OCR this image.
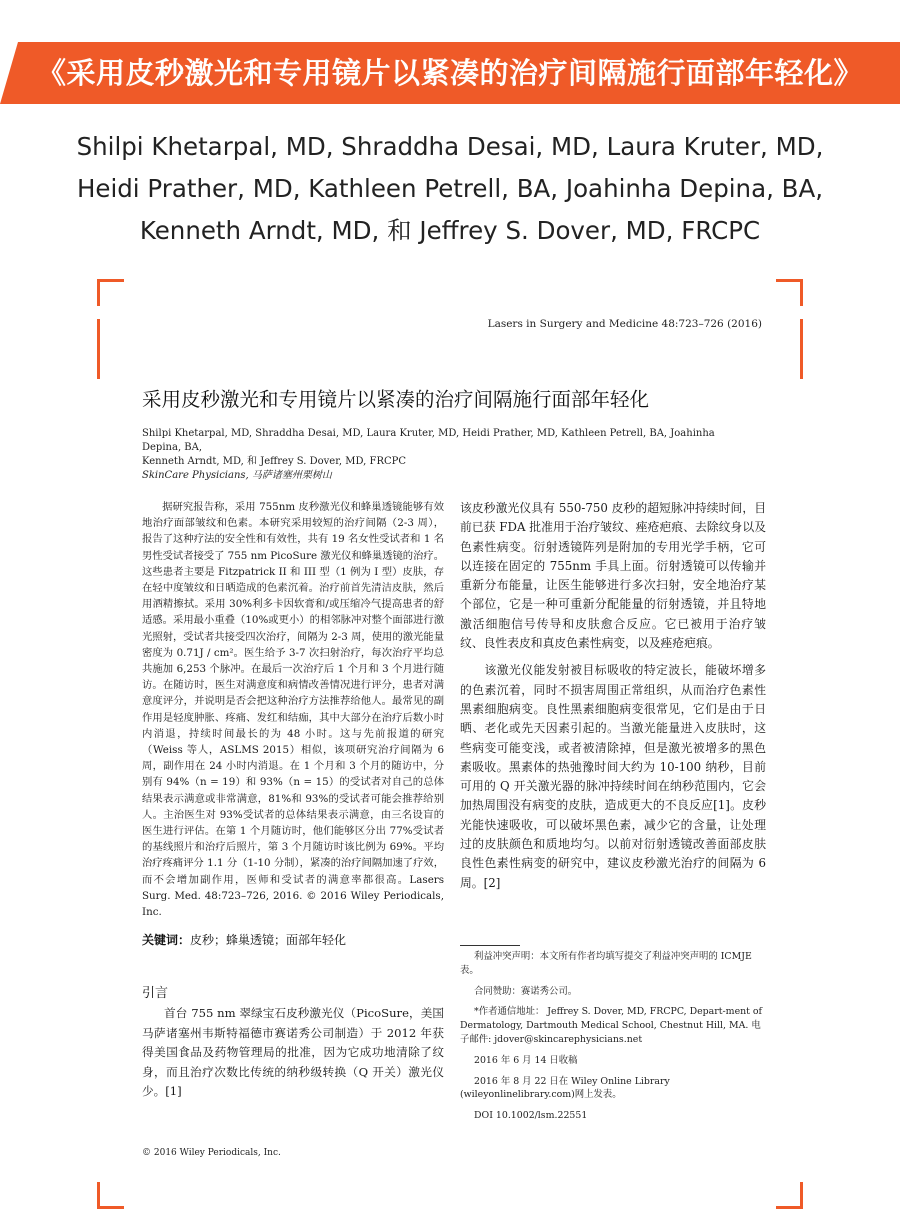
《采用皮秒激光和专用镜片以紧凑的治疗间隔施行面部年轻化》
Shilpi Khetarpal, MD, Shraddha Desai, MD, Laura Kruter, MD,
Heidi Prather, MD, Kathleen Petrell, BA, Joahinha Depina, BA,
Kenneth Arndt, MD, 和 Jeffrey S. Dover, MD, FRCPC
Lasers in Surgery and Medicine 48:723–726 (2016)
采用皮秒激光和专用镜片以紧凑的治疗间隔施行面部年轻化
Shilpi Khetarpal, MD, Shraddha Desai, MD, Laura Kruter, MD, Heidi Prather, MD, Kathleen Petrell, BA, Joahinha Depina, BA,
Kenneth Arndt, MD, 和 Jeffrey S. Dover, MD, FRCPC
SkinCare Physicians, 马萨诸塞州栗树山
据研究报告称，采用 755nm 皮秒激光仪和蜂巢透镜能够有效地治疗面部皱纹和色素。本研究采用较短的治疗间隔（2-3 周），报告了这种疗法的安全性和有效性，共有 19 名女性受试者和 1 名男性受试者接受了 755 nm PicoSure 激光仪和蜂巢透镜的治疗。这些患者主要是 Fitzpatrick II 和 III 型（1 例为 I 型）皮肤，存在轻中度皱纹和日晒造成的色素沉着。治疗前首先清洁皮肤，然后用酒精擦拭。采用 30%利多卡因软膏和/或压缩冷气提高患者的舒适感。采用最小重叠（10%或更小）的相邻脉冲对整个面部进行激光照射，受试者共接受四次治疗，间隔为 2-3 周，使用的激光能量密度为 0.71J / cm²。医生给予 3-7 次扫射治疗，每次治疗平均总共施加 6,253 个脉冲。在最后一次治疗后 1 个月和 3 个月进行随访。在随访时，医生对满意度和病情改善情况进行评分，患者对满意度评分，并说明是否会把这种治疗方法推荐给他人。最常见的副作用是轻度肿胀、疼痛、发红和结痂，其中大部分在治疗后数小时内消退，持续时间最长的为 48 小时。这与先前报道的研究（Weiss 等人，ASLMS 2015）相似，该项研究治疗间隔为 6 周，副作用在 24 小时内消退。在 1 个月和 3 个月的随访中，分别有 94%（n = 19）和 93%（n = 15）的受试者对自己的总体结果表示满意或非常满意，81%和 93%的受试者可能会推荐给别人。主治医生对 93%受试者的总体结果表示满意，由三名设盲的医生进行评估。在第 1 个月随访时，他们能够区分出 77%受试者的基线照片和治疗后照片，第 3 个月随访时该比例为 69%。平均治疗疼痛评分 1.1 分（1-10 分制），紧凑的治疗间隔加速了疗效，而不会增加副作用，医师和受试者的满意率都很高。Lasers Surg. Med. 48:723–726, 2016. © 2016 Wiley Periodicals, Inc.
关键词：皮秒；蜂巢透镜；面部年轻化
引言
首台 755 nm 翠绿宝石皮秒激光仪（PicoSure，美国马萨诸塞州韦斯特福德市赛诺秀公司制造）于 2012 年获得美国食品及药物管理局的批准，因为它成功地清除了纹身，而且治疗次数比传统的纳秒级转换（Q 开关）激光仪少。[1]
© 2016 Wiley Periodicals, Inc.

该皮秒激光仪具有 550-750 皮秒的超短脉冲持续时间，目前已获 FDA 批准用于治疗皱纹、痤疮疤痕、去除纹身以及色素性病变。衍射透镜阵列是附加的专用光学手柄，它可以连接在固定的 755nm 手具上面。衍射透镜可以传输并重新分布能量，让医生能够进行多次扫射，安全地治疗某个部位，它是一种可重新分配能量的衍射透镜，并且特地激活细胞信号传导和皮肤愈合反应。它已被用于治疗皱纹、良性表皮和真皮色素性病变，以及痤疮疤痕。

该激光仪能发射被目标吸收的特定波长，能破坏增多的色素沉着，同时不损害周围正常组织，从而治疗色素性黑素细胞病变。良性黑素细胞病变很常见，它们是由于日晒、老化或先天因素引起的。当激光能量进入皮肤时，这些病变可能变浅，或者被清除掉，但是激光被增多的黑色素吸收。黑素体的热弛豫时间大约为 10-100 纳秒，目前可用的 Q 开关激光器的脉冲持续时间在纳秒范围内，它会加热周围没有病变的皮肤，造成更大的不良反应[1]。皮秒光能快速吸收，可以破坏黑色素，减少它的含量，让处理过的皮肤颜色和质地均匀。以前对衍射透镜改善面部皮肤良性色素性病变的研究中，建议皮秒激光治疗的间隔为 6 周。[2]

利益冲突声明：本文所有作者均填写提交了利益冲突声明的 ICMJE 表。

合同赞助：赛诺秀公司。

*作者通信地址： Jeffrey S. Dover, MD, FRCPC, Depart-ment of Dermatology, Dartmouth Medical School, Chestnut Hill, MA. 电子邮件: jdover@skincarephysicians.net

2016 年 6 月 14 日收稿

2016 年 8 月 22 日在 Wiley Online Library (wileyonlinelibrary.com)网上发表。

DOI 10.1002/lsm.22551
